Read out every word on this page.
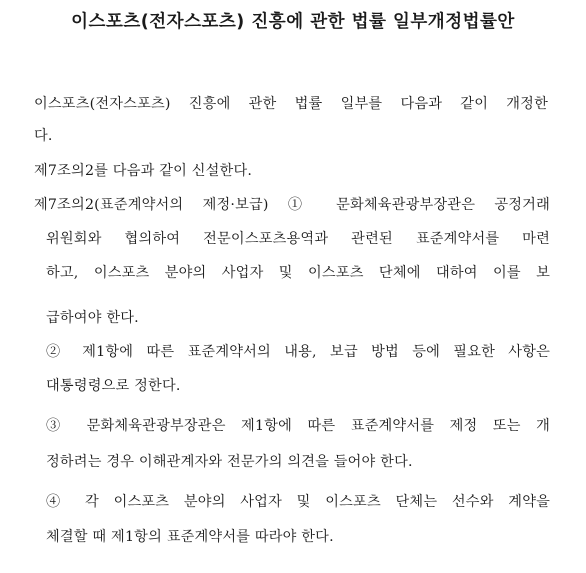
이스포츠(전자스포츠) 진흥에 관한 법률 일부개정법률안
이스포츠(전자스포츠) 진흥에 관한 법률 일부를 다음과 같이 개정한
다.
제7조의2를 다음과 같이 신설한다.
제7조의2(표준계약서의 제정·보급) ① 문화체육관광부장관은 공정거래
위원회와 협의하여 전문이스포츠용역과 관련된 표준계약서를 마련
하고, 이스포츠 분야의 사업자 및 이스포츠 단체에 대하여 이를 보
급하여야 한다.
② 제1항에 따른 표준계약서의 내용, 보급 방법 등에 필요한 사항은
대통령령으로 정한다.
③ 문화체육관광부장관은 제1항에 따른 표준계약서를 제정 또는 개
정하려는 경우 이해관계자와 전문가의 의견을 들어야 한다.
④ 각 이스포츠 분야의 사업자 및 이스포츠 단체는 선수와 계약을
체결할 때 제1항의 표준계약서를 따라야 한다.
